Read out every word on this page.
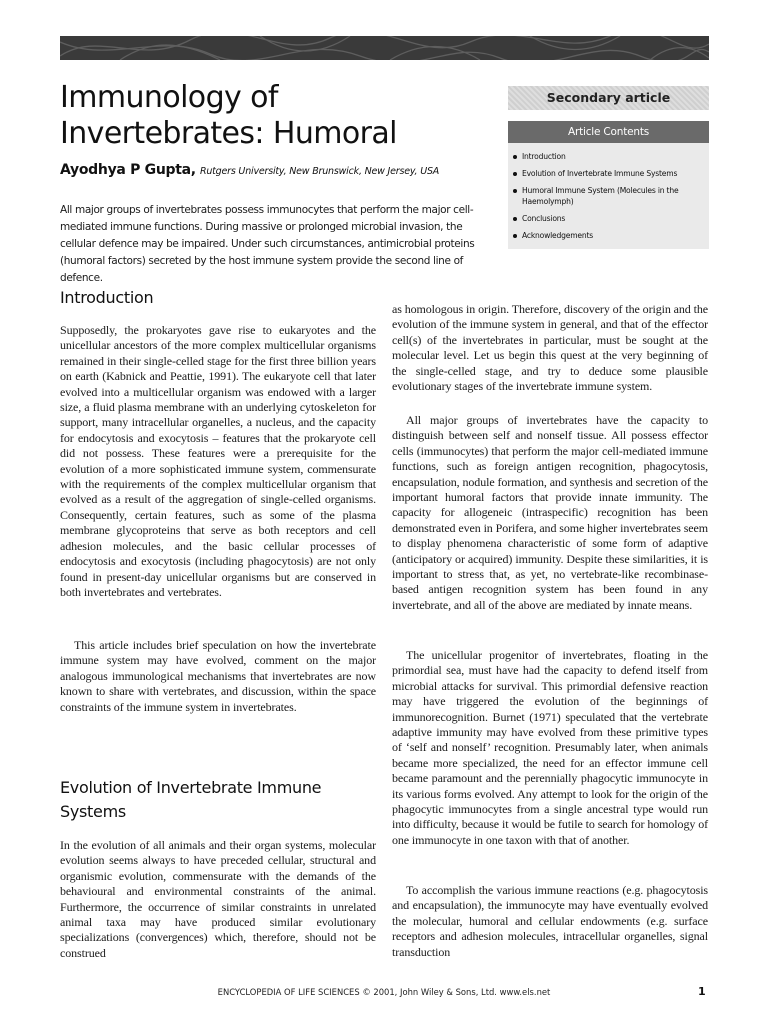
Immunology of Invertebrates: Humoral
Ayodhya P Gupta, Rutgers University, New Brunswick, New Jersey, USA

All major groups of invertebrates possess immunocytes that perform the major cell-mediated immune functions. During massive or prolonged microbial invasion, the cellular defence may be impaired. Under such circumstances, antimicrobial proteins (humoral factors) secreted by the host immune system provide the second line of defence.

Secondary article
Article Contents
Introduction
Evolution of Invertebrate Immune Systems
Humoral Immune System (Molecules in the Haemolymph)
Conclusions
Acknowledgements
Introduction

Supposedly, the prokaryotes gave rise to eukaryotes and the unicellular ancestors of the more complex multicellular organisms remained in their single-celled stage for the first three billion years on earth (Kabnick and Peattie, 1991). The eukaryote cell that later evolved into a multicellular organism was endowed with a larger size, a fluid plasma membrane with an underlying cytoskeleton for support, many intracellular organelles, a nucleus, and the capacity for endocytosis and exocytosis – features that the prokaryote cell did not possess. These features were a prerequisite for the evolution of a more sophisticated immune system, commensurate with the requirements of the complex multicellular organism that evolved as a result of the aggregation of single-celled organisms. Consequently, certain features, such as some of the plasma membrane glycoproteins that serve as both receptors and cell adhesion molecules, and the basic cellular processes of endocytosis and exocytosis (including phagocytosis) are not only found in present-day unicellular organisms but are conserved in both invertebrates and vertebrates.

This article includes brief speculation on how the invertebrate immune system may have evolved, comment on the major analogous immunological mechanisms that invertebrates are now known to share with vertebrates, and discussion, within the space constraints of the immune system in invertebrates.

Evolution of Invertebrate Immune Systems

In the evolution of all animals and their organ systems, molecular evolution seems always to have preceded cellular, structural and organismic evolution, commensurate with the demands of the behavioural and environmental constraints of the animal. Furthermore, the occurrence of similar constraints in unrelated animal taxa may have produced similar evolutionary specializations (convergences) which, therefore, should not be construed

as homologous in origin. Therefore, discovery of the origin and the evolution of the immune system in general, and that of the effector cell(s) of the invertebrates in particular, must be sought at the molecular level. Let us begin this quest at the very beginning of the single-celled stage, and try to deduce some plausible evolutionary stages of the invertebrate immune system.

All major groups of invertebrates have the capacity to distinguish between self and nonself tissue. All possess effector cells (immunocytes) that perform the major cell-mediated immune functions, such as foreign antigen recognition, phagocytosis, encapsulation, nodule formation, and synthesis and secretion of the important humoral factors that provide innate immunity. The capacity for allogeneic (intraspecific) recognition has been demonstrated even in Porifera, and some higher invertebrates seem to display phenomena characteristic of some form of adaptive (anticipatory or acquired) immunity. Despite these similarities, it is important to stress that, as yet, no vertebrate-like recombinase-based antigen recognition system has been found in any invertebrate, and all of the above are mediated by innate means.

The unicellular progenitor of invertebrates, floating in the primordial sea, must have had the capacity to defend itself from microbial attacks for survival. This primordial defensive reaction may have triggered the evolution of the beginnings of immunorecognition. Burnet (1971) speculated that the vertebrate adaptive immunity may have evolved from these primitive types of ‘self and nonself’ recognition. Presumably later, when animals became more specialized, the need for an effector immune cell became paramount and the perennially phagocytic immunocyte in its various forms evolved. Any attempt to look for the origin of the phagocytic immunocytes from a single ancestral type would run into difficulty, because it would be futile to search for homology of one immunocyte in one taxon with that of another.

To accomplish the various immune reactions (e.g. phagocytosis and encapsulation), the immunocyte may have eventually evolved the molecular, humoral and cellular endowments (e.g. surface receptors and adhesion molecules, intracellular organelles, signal transduction

ENCYCLOPEDIA OF LIFE SCIENCES © 2001, John Wiley & Sons, Ltd. www.els.net	1
